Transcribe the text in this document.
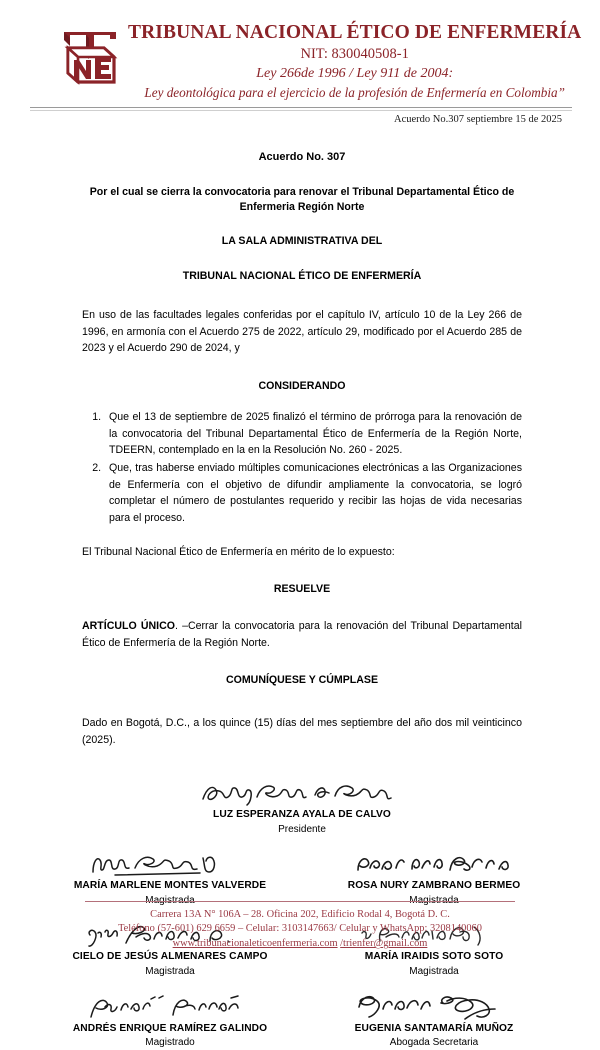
TRIBUNAL NACIONAL ÉTICO DE ENFERMERÍA
NIT: 830040508-1
Ley 266de 1996 / Ley 911 de 2004:
Ley deontológica para el ejercicio de la profesión de Enfermería en Colombia”
Acuerdo No.307 septiembre 15 de 2025
Acuerdo No. 307
Por el cual se cierra la convocatoria para renovar el Tribunal Departamental Ético de Enfermeria Región Norte
LA SALA ADMINISTRATIVA DEL
TRIBUNAL NACIONAL ÉTICO DE ENFERMERÍA
En uso de las facultades legales conferidas por el capítulo IV, artículo 10 de la Ley 266 de 1996, en armonía con el Acuerdo 275 de 2022, artículo 29, modificado por el Acuerdo 285 de 2023 y el Acuerdo 290 de 2024, y
CONSIDERANDO
1. Que el 13 de septiembre de 2025 finalizó el término de prórroga para la renovación de la convocatoria del Tribunal Departamental Ético de Enfermería de la Región Norte, TDEERN, contemplado en la en la Resolución No. 260 - 2025.
2. Que, tras haberse enviado múltiples comunicaciones electrónicas a las Organizaciones de Enfermería con el objetivo de difundir ampliamente la convocatoria, se logró completar el número de postulantes requerido y recibir las hojas de vida necesarias para el proceso.
El Tribunal Nacional Ético de Enfermería en mérito de lo expuesto:
RESUELVE
ARTÍCULO ÚNICO. –Cerrar la convocatoria para la renovación del Tribunal Departamental Ético de Enfermería de la Región Norte.
COMUNÍQUESE Y CÚMPLASE
Dado en Bogotá, D.C., a los quince (15) días del mes septiembre del año dos mil veinticinco (2025).
LUZ ESPERANZA AYALA DE CALVO
Presidente
MARÍA MARLENE MONTES VALVERDE
Magistrada
ROSA NURY ZAMBRANO BERMEO
Magistrada
CIELO DE JESÚS ALMENARES CAMPO
Magistrada
MARÍA IRAIDIS SOTO SOTO
Magistrada
ANDRÉS ENRIQUE RAMÍREZ GALINDO
Magistrado
EUGENIA SANTAMARÍA MUÑOZ
Abogada Secretaria
Carrera 13A N° 106A – 28. Oficina 202, Edificio Rodal 4, Bogotá D. C.
Teléfono (57-601) 629 6659 – Celular: 3103147663/ Celular y WhatsApp: 3208140060
www.tribunacionaleticoenfermeria.com /trienfer@gmail.com
